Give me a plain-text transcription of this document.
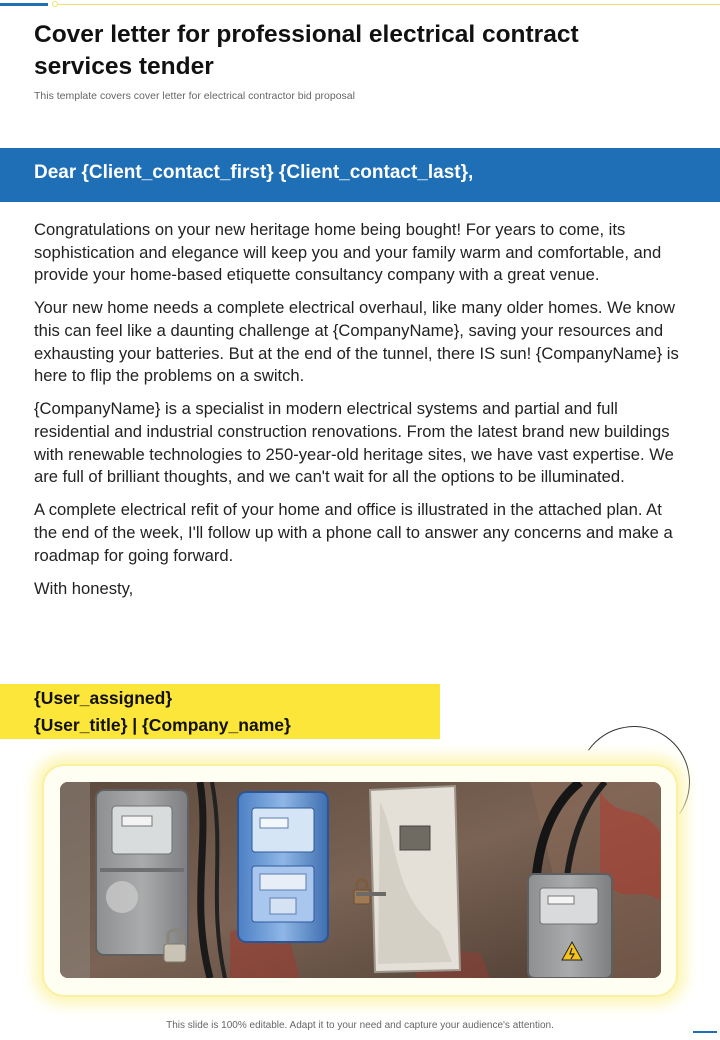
Cover letter for professional electrical contract services tender

This template covers cover letter for electrical contractor bid proposal

Dear {Client_contact_first} {Client_contact_last},

Congratulations on your new heritage home being bought! For years to come, its sophistication and elegance will keep you and your family warm and comfortable, and provide your home-based etiquette consultancy company with a great venue.

Your new home needs a complete electrical overhaul, like many older homes. We know this can feel like a daunting challenge at {CompanyName}, saving your resources and exhausting your batteries. But at the end of the tunnel, there IS sun! {CompanyName} is here to flip the problems on a switch.

{CompanyName} is a specialist in modern electrical systems and partial and full residential and industrial construction renovations. From the latest brand new buildings with renewable technologies to 250-year-old heritage sites, we have vast expertise. We are full of brilliant thoughts, and we can't wait for all the options to be illuminated.

A complete electrical refit of your home and office is illustrated in the attached plan. At the end of the week, I'll follow up with a phone call to answer any concerns and make a roadmap for going forward.

With honesty,

{User_assigned}

{User_title} | {Company_name}

This slide is 100% editable. Adapt it to your need and capture your audience's attention.
